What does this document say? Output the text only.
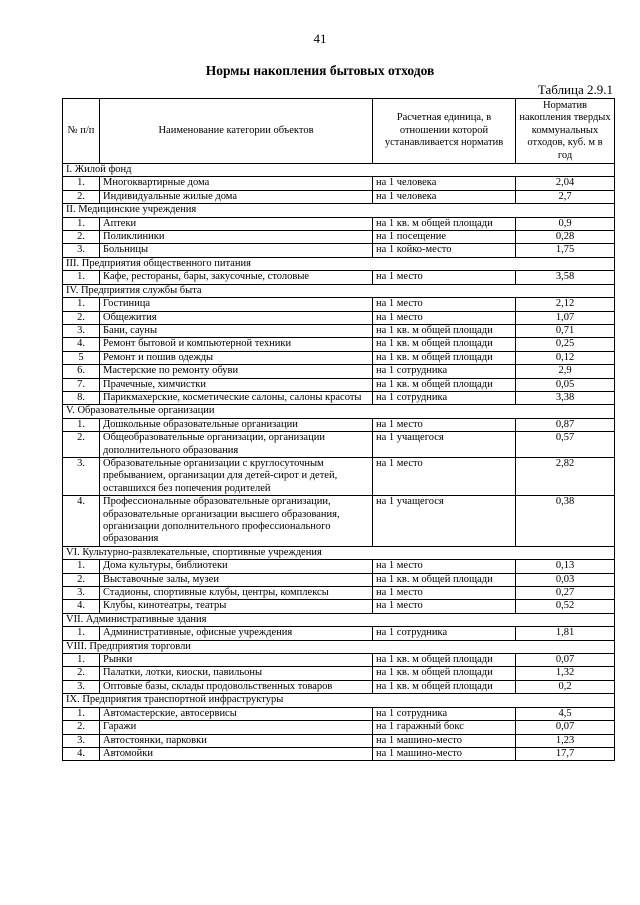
41
Нормы накопления бытовых отходов
Таблица 2.9.1
№ п/п	Наименование категории объектов	Расчетная единица, в отношении которой устанавливается норматив	Норматив накопления твердых коммунальных отходов, куб. м в год
I. Жилой фонд			
1.	Многоквартирные дома	на 1 человека	2,04
2.	Индивидуальные жилые дома	на 1 человека	2,7
II. Медицинские учреждения			
1.	Аптеки	на 1 кв. м общей площади	0,9
2.	Поликлиники	на 1 посещение	0,28
3.	Больницы	на 1 койко-место	1,75
III. Предприятия общественного питания			
1.	Кафе, рестораны, бары, закусочные, столовые	на 1 место	3,58
IV. Предприятия службы быта			
1.	Гостиница	на 1 место	2,12
2.	Общежития	на 1 место	1,07
3.	Бани, сауны	на 1 кв. м общей площади	0,71
4.	Ремонт бытовой и компьютерной техники	на 1 кв. м общей площади	0,25
5	Ремонт и пошив одежды	на 1 кв. м общей площади	0,12
6.	Мастерские по ремонту обуви	на 1 сотрудника	2,9
7.	Прачечные, химчистки	на 1 кв. м общей площади	0,05
8.	Парикмахерские, косметические салоны, салоны красоты	на 1 сотрудника	3,38
V. Образовательные организации			
1.	Дошкольные образовательные организации	на 1 место	0,87
2.	Общеобразовательные организации, организации дополнительного образования	на 1 учащегося	0,57
3.	Образовательные организации с круглосуточным пребыванием, организации для детей-сирот и детей, оставшихся без попечения родителей	на 1 место	2,82
4.	Профессиональные образовательные организации, образовательные организации высшего образования, организации дополнительного профессионального образования	на 1 учащегося	0,38
VI. Культурно-развлекательные, спортивные учреждения			
1.	Дома культуры, библиотеки	на 1 место	0,13
2.	Выставочные залы, музеи	на 1 кв. м общей площади	0,03
3.	Стадионы, спортивные клубы, центры, комплексы	на 1 место	0,27
4.	Клубы, кинотеатры, театры	на 1 место	0,52
VII. Административные здания			
1.	Административные, офисные учреждения	на 1 сотрудника	1,81
VIII. Предприятия торговли			
1.	Рынки	на 1 кв. м общей площади	0,07
2.	Палатки, лотки, киоски, павильоны	на 1 кв. м общей площади	1,32
3.	Оптовые базы, склады продовольственных товаров	на 1 кв. м общей площади	0,2
IX. Предприятия транспортной инфраструктуры			
1.	Автомастерские, автосервисы	на 1 сотрудника	4,5
2.	Гаражи	на 1 гаражный бокс	0,07
3.	Автостоянки, парковки	на 1 машино-место	1,23
4.	Автомойки	на 1 машино-место	17,7
